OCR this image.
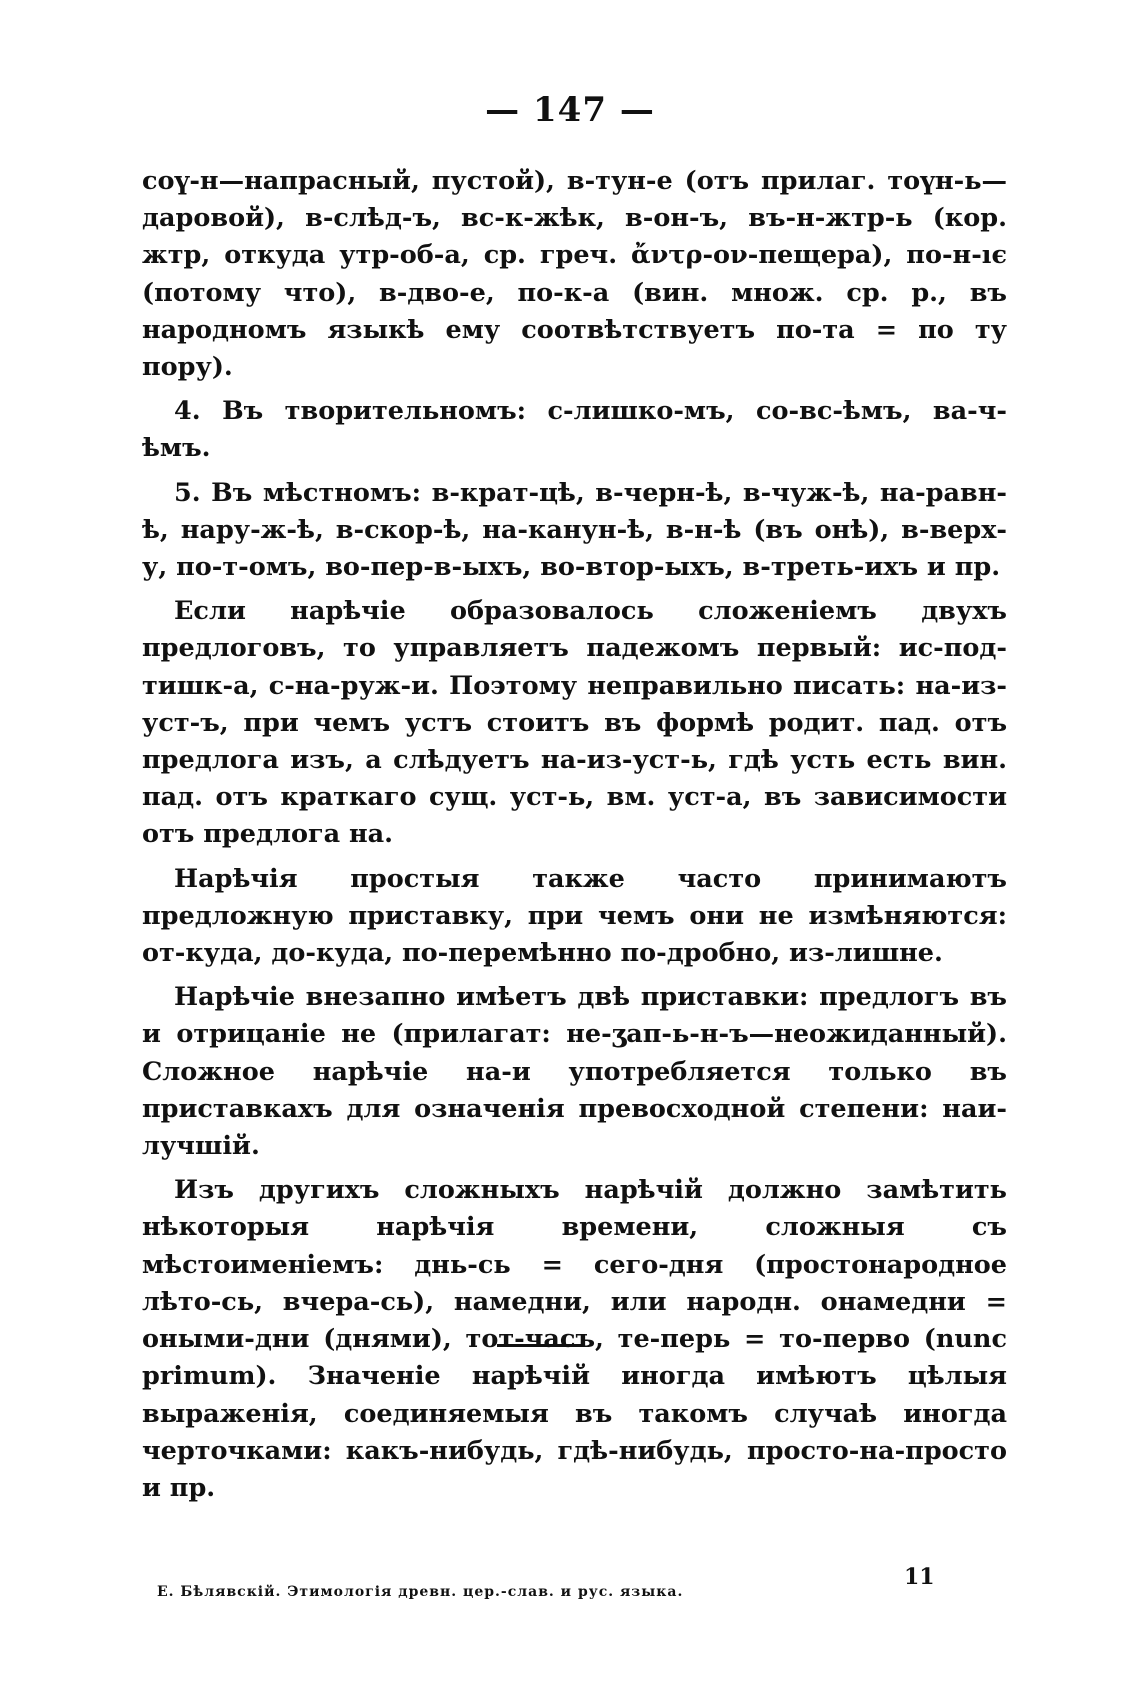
— 147 —

соү-н—напрасный, пустой), в-тун-е (отъ прилаг. тоүн-ь—даровой), в-слѣд-ъ, вс-к-жѣк, в-он-ъ, въ-н-жтр-ь (кор. жтр, откуда утр-об-а, ср. греч. ἄντρ-ον-пещера), по-н-ıє (потому что), в-дво-е, по-к-а (вин. множ. ср. р., въ народномъ языкѣ ему соотвѣтствуетъ по-та = по ту пору).

4. Въ творительномъ: с-лишко-мъ, со-вс-ѣмъ, ва-ч-ѣмъ.

5. Въ мѣстномъ: в-крат-цѣ, в-черн-ѣ, в-чуж-ѣ, на-равн-ѣ, нару-ж-ѣ, в-скор-ѣ, на-канун-ѣ, в-н-ѣ (въ онѣ), в-верх-у, по-т-омъ, во-пер-в-ыхъ, во-втор-ыхъ, в-треть-ихъ и пр.

Если нарѣчіе образовалось сложеніемъ двухъ предлоговъ, то управляетъ падежомъ первый: ис-под-тишк-а, с-на-руж-и. Поэтому неправильно писать: на-из-уст-ъ, при чемъ устъ стоитъ въ формѣ родит. пад. отъ предлога изъ, а слѣдуетъ на-из-уст-ь, гдѣ усть есть вин. пад. отъ краткаго сущ. уст-ь, вм. уст-а, въ зависимости отъ предлога на.

Нарѣчія простыя также часто принимаютъ предложную приставку, при чемъ они не измѣняются: от-куда, до-куда, по-перемѣнно по-дробно, из-лишне.

Нарѣчіе внезапно имѣетъ двѣ приставки: предлогъ въ и отрицаніе не (прилагат: не-ʒап-ь-н-ъ—неожиданный). Сложное нарѣчіе на-и употребляется только въ приставкахъ для означенія превосходной степени: наи-лучшій.

Изъ другихъ сложныхъ нарѣчій должно замѣтить нѣкоторыя нарѣчія времени, сложныя съ мѣстоименіемъ: днь-сь = сего-дня (простонародное лѣто-сь, вчера-сь), намедни, или народн. онамедни = оными-дни (днями), тот-часъ, те-перь = то-перво (nunc primum). Значеніе нарѣчій иногда имѣютъ цѣлыя выраженія, соединяемыя въ такомъ случаѣ иногда черточками: какъ-нибудь, гдѣ-нибудь, просто-на-просто и пр.

Е. Бѣлявскій. Этимологія древн. цер.-слав. и рус. языка.
11
